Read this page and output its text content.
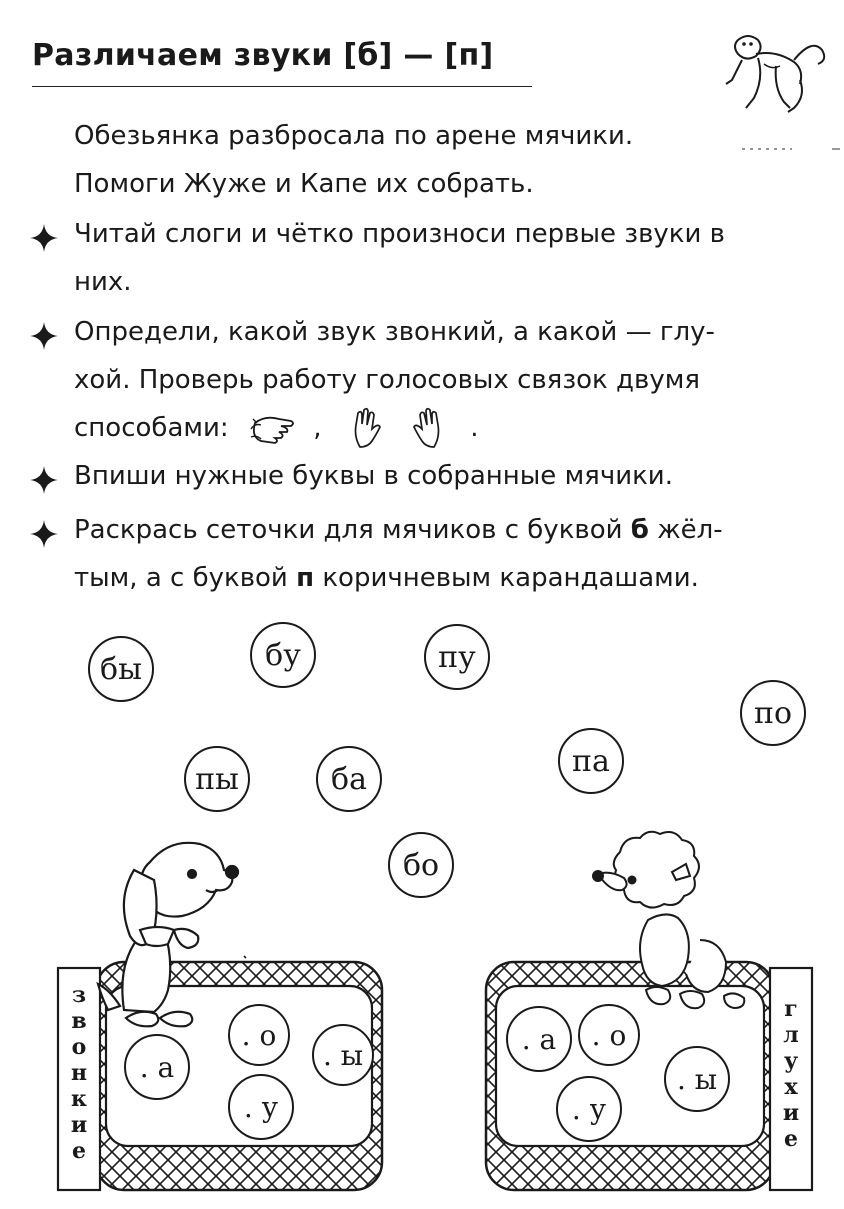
Различаем звуки [б] — [п]
Обезьянка разбросала по арене мячики.
Помоги Жуже и Капе их собрать.
Читай слоги и чётко произноси первые звуки в
них.
Определи, какой звук звонкий, а какой — глу-
хой. Проверь работу голосовых связок двумя
способами:	,	.
Впиши нужные буквы в собранные мячики.
Раскрась сеточки для мячиков с буквой б жёл-
тым, а с буквой п коричневым карандашами.
бы	бу	пу
по
пы	ба
па
бо
з
в
о
н
к
и
е
г
л
у
х
и
е
. о
. ы
. а
. у
. а	. о
. ы
. у
